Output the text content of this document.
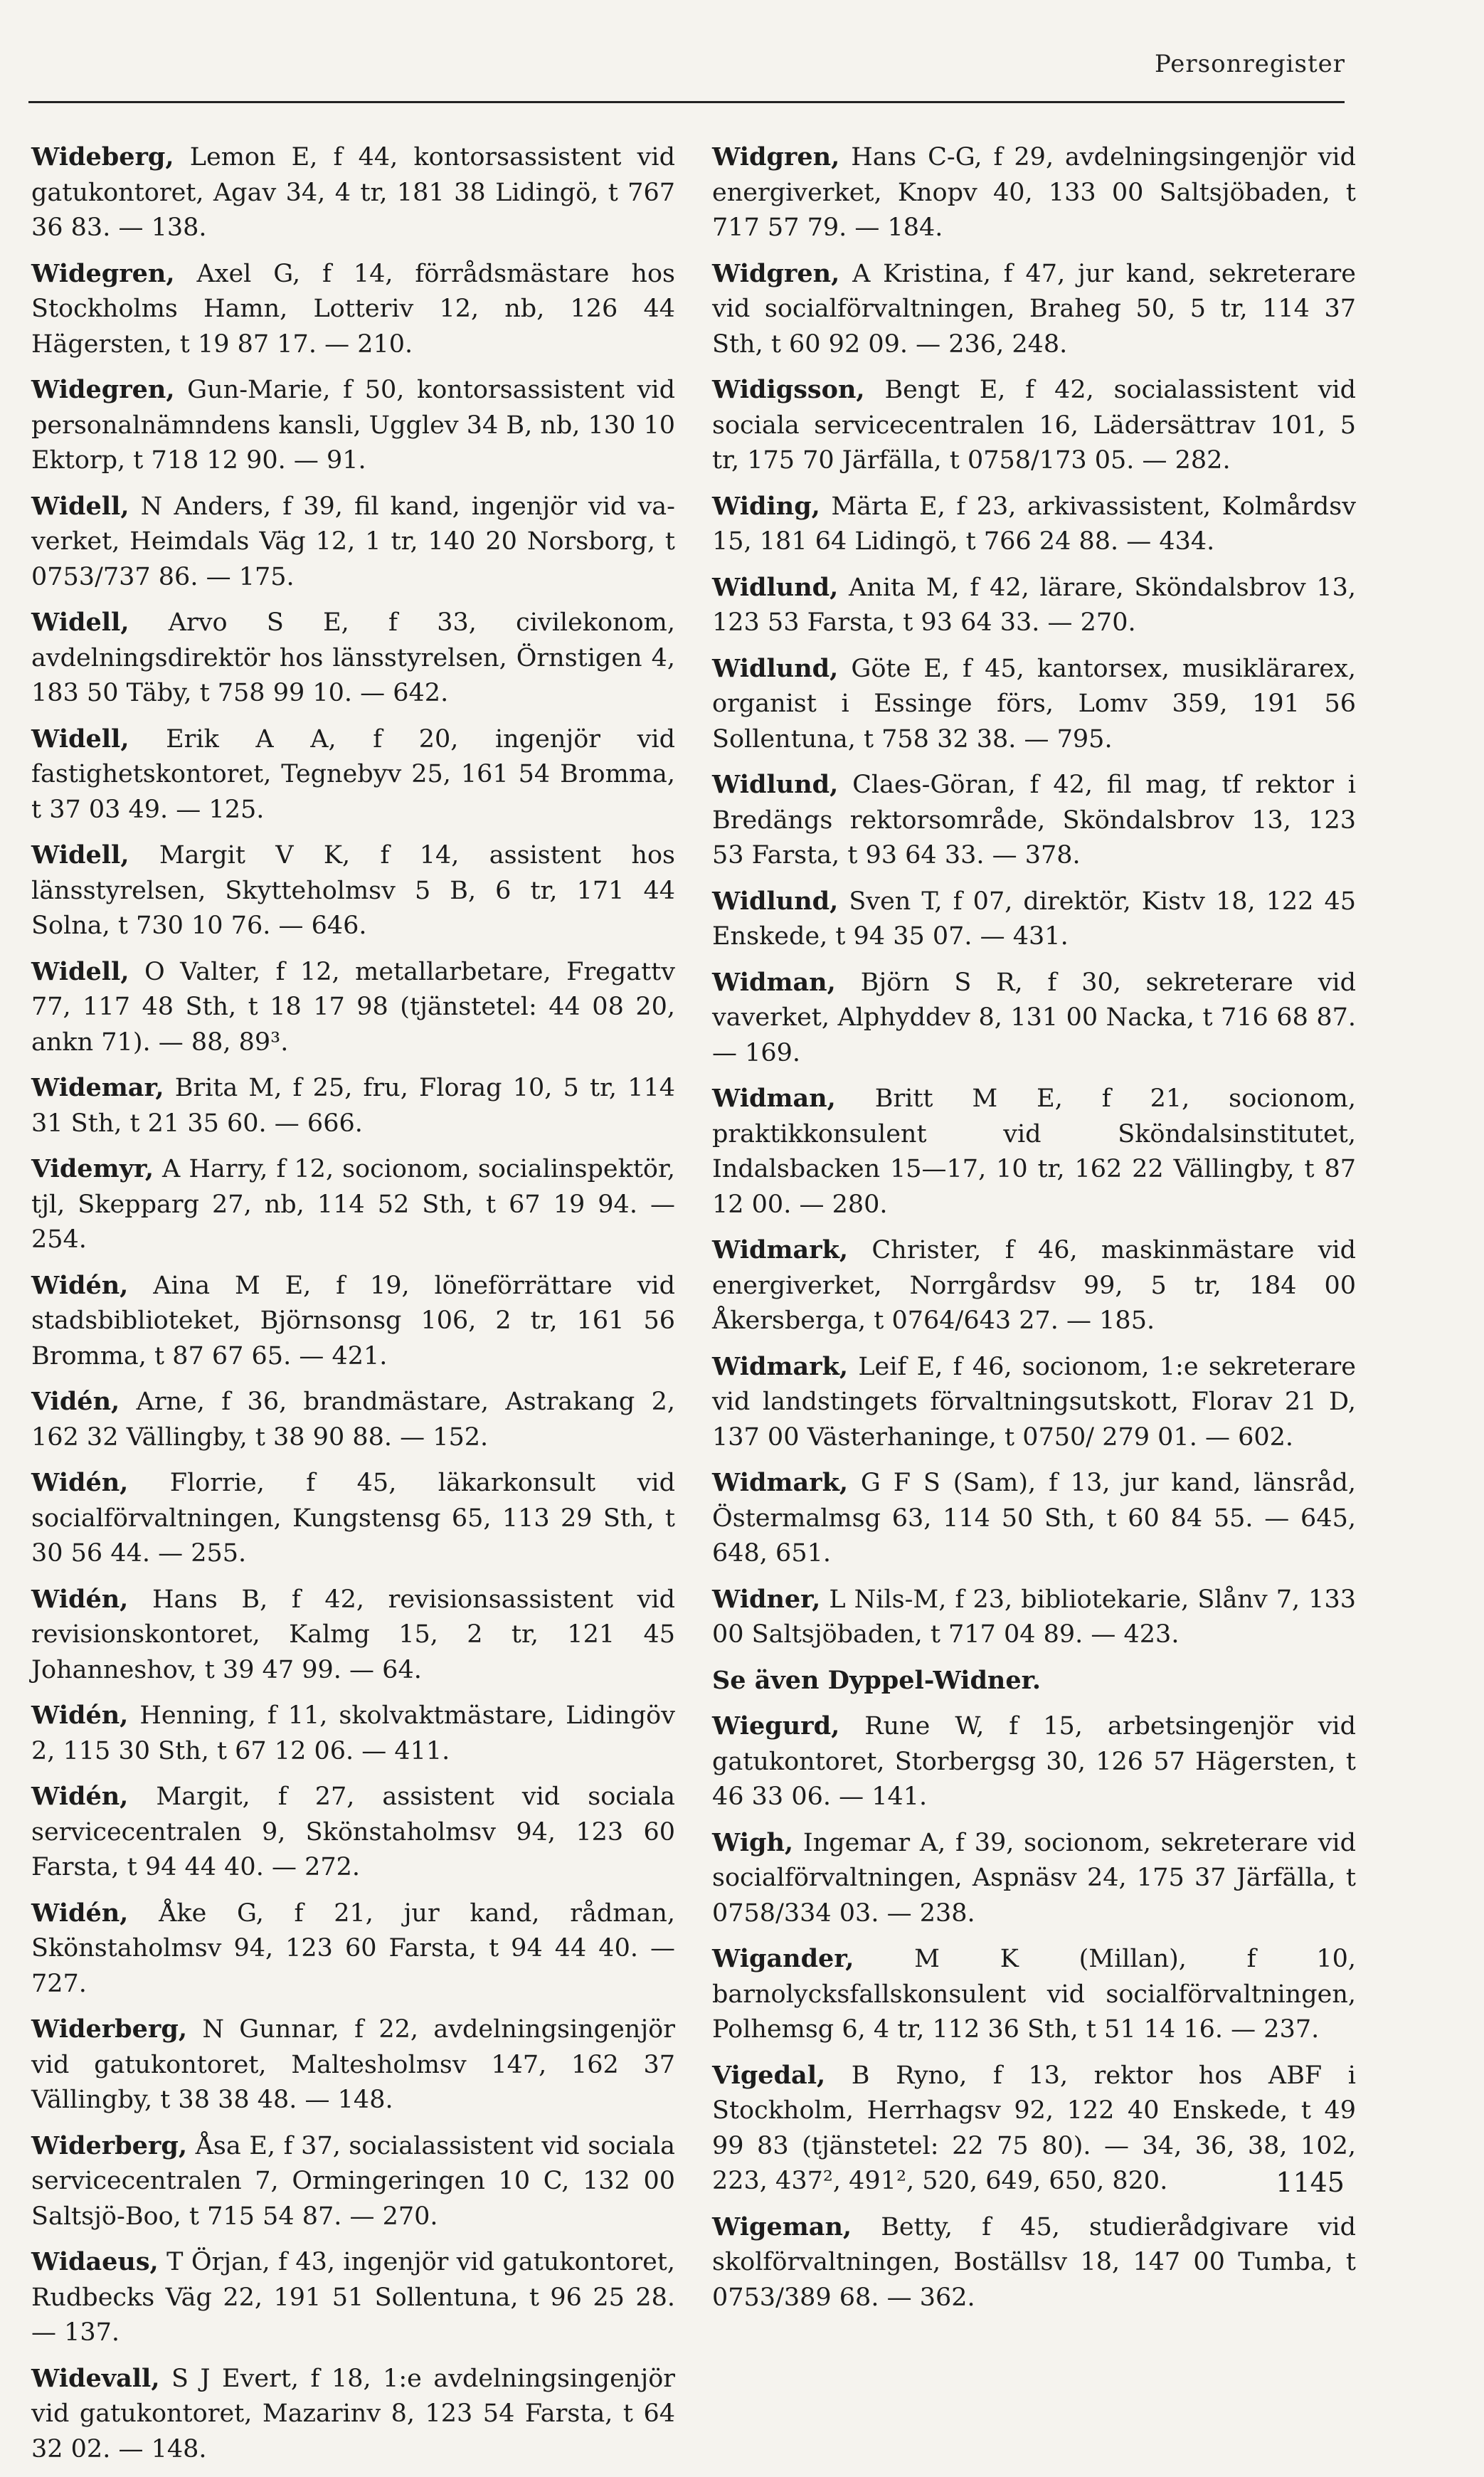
Personregister

Wideberg, Lemon E, f 44, kontorsassistent vid gatukontoret, Agav 34, 4 tr, 181 38 Lidingö, t 767 36 83. — 138.

Widegren, Axel G, f 14, förrådsmästare hos Stockholms Hamn, Lotteriv 12, nb, 126 44 Hägersten, t 19 87 17. — 210.

Widegren, Gun-Marie, f 50, kontorsassistent vid personalnämndens kansli, Ugglev 34 B, nb, 130 10 Ektorp, t 718 12 90. — 91.

Widell, N Anders, f 39, fil kand, ingenjör vid va-verket, Heimdals Väg 12, 1 tr, 140 20 Norsborg, t 0753/737 86. — 175.

Widell, Arvo S E, f 33, civilekonom, avdelningsdirektör hos länsstyrelsen, Örnstigen 4, 183 50 Täby, t 758 99 10. — 642.

Widell, Erik A A, f 20, ingenjör vid fastighetskontoret, Tegnebyv 25, 161 54 Bromma, t 37 03 49. — 125.

Widell, Margit V K, f 14, assistent hos länsstyrelsen, Skytteholmsv 5 B, 6 tr, 171 44 Solna, t 730 10 76. — 646.

Widell, O Valter, f 12, metallarbetare, Fregattv 77, 117 48 Sth, t 18 17 98 (tjänstetel: 44 08 20, ankn 71). — 88, 89³.

Widemar, Brita M, f 25, fru, Florag 10, 5 tr, 114 31 Sth, t 21 35 60. — 666.

Videmyr, A Harry, f 12, socionom, socialinspektör, tjl, Skepparg 27, nb, 114 52 Sth, t 67 19 94. — 254.

Widén, Aina M E, f 19, löneförrättare vid stadsbiblioteket, Björnsonsg 106, 2 tr, 161 56 Bromma, t 87 67 65. — 421.

Vidén, Arne, f 36, brandmästare, Astrakang 2, 162 32 Vällingby, t 38 90 88. — 152.

Widén, Florrie, f 45, läkarkonsult vid socialförvaltningen, Kungstensg 65, 113 29 Sth, t 30 56 44. — 255.

Widén, Hans B, f 42, revisionsassistent vid revisionskontoret, Kalmg 15, 2 tr, 121 45 Johanneshov, t 39 47 99. — 64.

Widén, Henning, f 11, skolvaktmästare, Lidingöv 2, 115 30 Sth, t 67 12 06. — 411.

Widén, Margit, f 27, assistent vid sociala servicecentralen 9, Skönstaholmsv 94, 123 60 Farsta, t 94 44 40. — 272.

Widén, Åke G, f 21, jur kand, rådman, Skönstaholmsv 94, 123 60 Farsta, t 94 44 40. — 727.

Widerberg, N Gunnar, f 22, avdelningsingenjör vid gatukontoret, Maltesholmsv 147, 162 37 Vällingby, t 38 38 48. — 148.

Widerberg, Åsa E, f 37, socialassistent vid sociala servicecentralen 7, Ormingeringen 10 C, 132 00 Saltsjö-Boo, t 715 54 87. — 270.

Widaeus, T Örjan, f 43, ingenjör vid gatukontoret, Rudbecks Väg 22, 191 51 Sollentuna, t 96 25 28. — 137.

Widevall, S J Evert, f 18, 1:e avdelningsingenjör vid gatukontoret, Mazarinv 8, 123 54 Farsta, t 64 32 02. — 148.

Widgren, Hans C-G, f 29, avdelningsingenjör vid energiverket, Knopv 40, 133 00 Saltsjöbaden, t 717 57 79. — 184.

Widgren, A Kristina, f 47, jur kand, sekreterare vid socialförvaltningen, Braheg 50, 5 tr, 114 37 Sth, t 60 92 09. — 236, 248.

Widigsson, Bengt E, f 42, socialassistent vid sociala servicecentralen 16, Lädersättrav 101, 5 tr, 175 70 Järfälla, t 0758/173 05. — 282.

Widing, Märta E, f 23, arkivassistent, Kolmårdsv 15, 181 64 Lidingö, t 766 24 88. — 434.

Widlund, Anita M, f 42, lärare, Sköndalsbrov 13, 123 53 Farsta, t 93 64 33. — 270.

Widlund, Göte E, f 45, kantorsex, musiklärarex, organist i Essinge förs, Lomv 359, 191 56 Sollentuna, t 758 32 38. — 795.

Widlund, Claes-Göran, f 42, fil mag, tf rektor i Bredängs rektorsområde, Sköndalsbrov 13, 123 53 Farsta, t 93 64 33. — 378.

Widlund, Sven T, f 07, direktör, Kistv 18, 122 45 Enskede, t 94 35 07. — 431.

Widman, Björn S R, f 30, sekreterare vid vaverket, Alphyddev 8, 131 00 Nacka, t 716 68 87. — 169.

Widman, Britt M E, f 21, socionom, praktikkonsulent vid Sköndalsinstitutet, Indalsbacken 15—17, 10 tr, 162 22 Vällingby, t 87 12 00. — 280.

Widmark, Christer, f 46, maskinmästare vid energiverket, Norrgårdsv 99, 5 tr, 184 00 Åkersberga, t 0764/643 27. — 185.

Widmark, Leif E, f 46, socionom, 1:e sekreterare vid landstingets förvaltningsutskott, Florav 21 D, 137 00 Västerhaninge, t 0750/ 279 01. — 602.

Widmark, G F S (Sam), f 13, jur kand, länsråd, Östermalmsg 63, 114 50 Sth, t 60 84 55. — 645, 648, 651.

Widner, L Nils-M, f 23, bibliotekarie, Slånv 7, 133 00 Saltsjöbaden, t 717 04 89. — 423.

Se även Dyppel-Widner.

Wiegurd, Rune W, f 15, arbetsingenjör vid gatukontoret, Storbergsg 30, 126 57 Hägersten, t 46 33 06. — 141.

Wigh, Ingemar A, f 39, socionom, sekreterare vid socialförvaltningen, Aspnäsv 24, 175 37 Järfälla, t 0758/334 03. — 238.

Wigander, M K (Millan), f 10, barnolycksfallskonsulent vid socialförvaltningen, Polhemsg 6, 4 tr, 112 36 Sth, t 51 14 16. — 237.

Vigedal, B Ryno, f 13, rektor hos ABF i Stockholm, Herrhagsv 92, 122 40 Enskede, t 49 99 83 (tjänstetel: 22 75 80). — 34, 36, 38, 102, 223, 437², 491², 520, 649, 650, 820.

Wigeman, Betty, f 45, studierådgivare vid skolförvaltningen, Boställsv 18, 147 00 Tumba, t 0753/389 68. — 362.

1145
